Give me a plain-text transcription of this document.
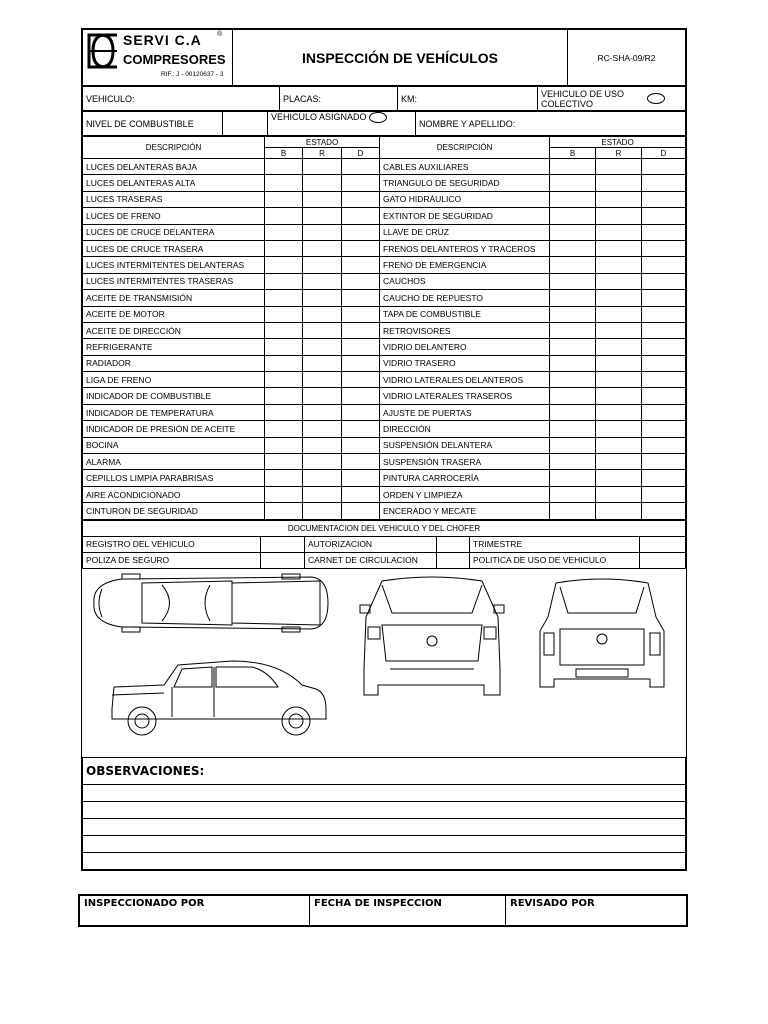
SERVI C.A ®
COMPRESORES
RIF.: J - 00120637 - 3
	INSPECCIÓN DE VEHÍCULOS	RC-SHA-09/R2
VEHICULO:	PLACAS:	KM:	VEHICULO DE USO COLECTIVO
NIVEL DE COMBUSTIBLE		VEHICULO ASIGNADO	NOMBRE Y APELLIDO:
DESCRIPCIÓN	ESTADO			DESCRIPCIÓN	ESTADO		
	B	R	D		B	R	D
LUCES DELANTERAS BAJA				CABLES AUXILIARES			
LUCES DELANTERAS ALTA				TRIANGULO DE SEGURIDAD			
LUCES TRASERAS				GATO HIDRÁULICO			
LUCES DE FRENO				EXTINTOR DE SEGURIDAD			
LUCES DE CRUCE DELANTERA				LLAVE DE CRUZ			
LUCES DE CRUCE TRASERA				FRENOS DELANTEROS Y TRACEROS			
LUCES INTERMITENTES DELANTERAS				FRENO DE EMERGENCIA			
LUCES INTERMITENTES TRASERAS				CAUCHOS			
ACEITE DE TRANSMISIÓN				CAUCHO DE REPUESTO			
ACEITE DE MOTOR				TAPA DE COMBUSTIBLE			
ACEITE DE DIRECCIÓN				RETROVISORES			
REFRIGERANTE				VIDRIO DELANTERO			
RADIADOR				VIDRIO TRASERO			
LIGA DE FRENO				VIDRIO LATERALES DELANTEROS			
INDICADOR DE COMBUSTIBLE				VIDRIO LATERALES TRASEROS			
INDICADOR DE TEMPERATURA				AJUSTE DE PUERTAS			
INDICADOR DE PRESIÓN DE ACEITE				DIRECCIÓN			
BOCINA				SUSPENSIÓN DELANTERA			
ALARMA				SUSPENSIÓN TRASERA			
CEPILLOS LIMPIA PARABRISAS				PINTURA CARROCERÍA			
AIRE ACONDICIONADO				ORDEN Y LIMPIEZA			
CINTURON DE SEGURIDAD				ENCERADO Y MECATE			
DOCUMENTACION DEL VEHICULO Y DEL CHOFER					
REGISTRO DEL VEHICULO		AUTORIZACION		TRIMESTRE	
POLIZA DE SEGURO		CARNET DE CIRCULACION		POLITICA DE USO DE VEHICULO	
OBSERVACIONES:

INSPECCIONADO POR	FECHA DE INSPECCION	REVISADO POR
